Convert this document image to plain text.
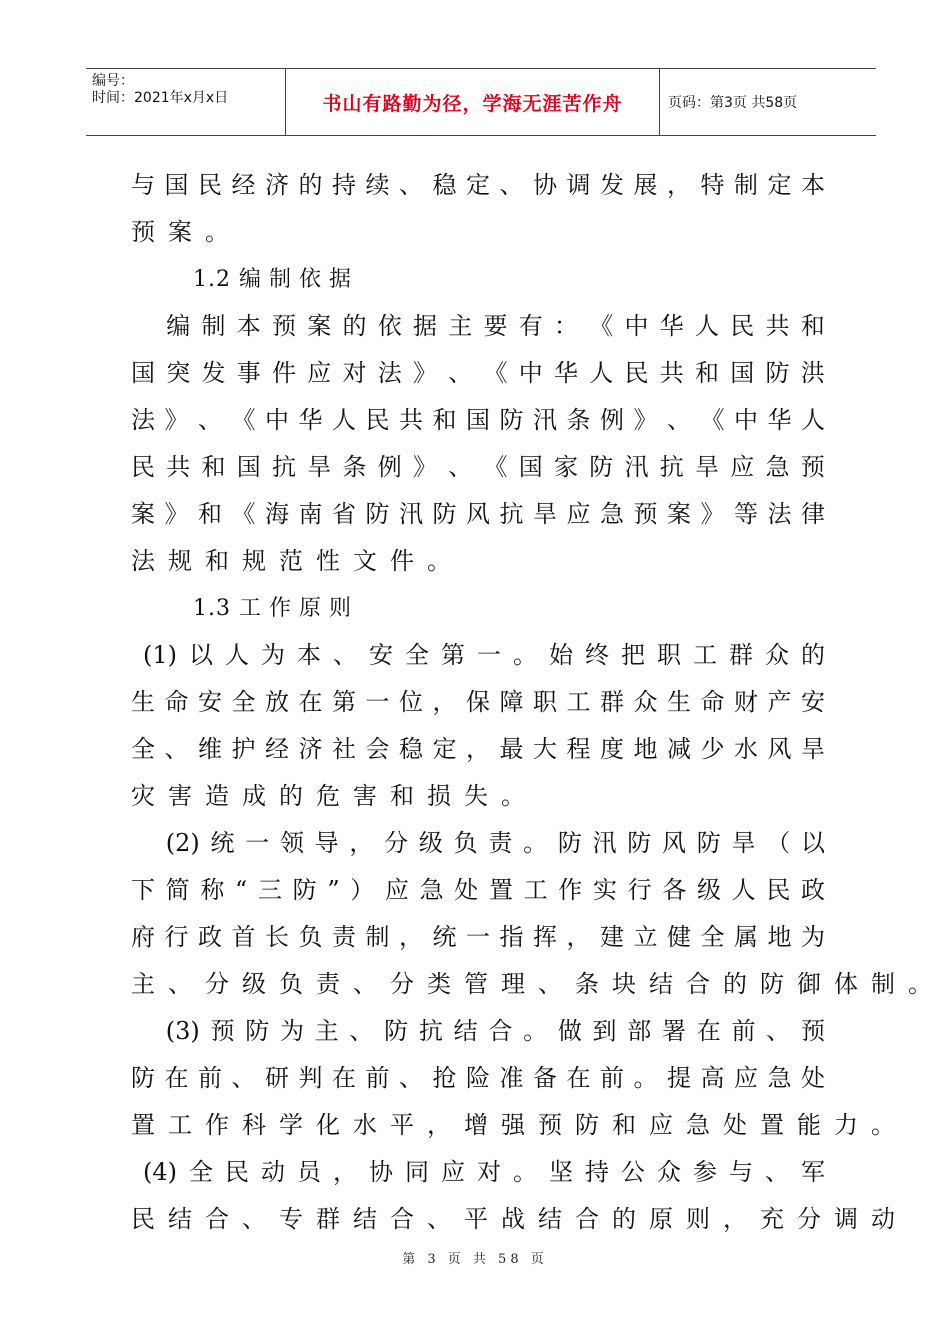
编号：
时间：2021年x月x日	书山有路勤为径，学海无涯苦作舟	页码：第3页 共58页
与 国 民 经 济 的 持 续 、 稳 定 、 协 调 发 展 ， 特 制 定 本
预 案 。
1.2 编制依据

编 制 本 预 案 的 依 据 主 要 有 ： 《 中 华 人 民 共 和
国 突 发 事 件 应 对 法 》 、 《 中 华 人 民 共 和 国 防 洪
法 》 、 《 中 华 人 民 共 和 国 防 汛 条 例 》 、 《 中 华 人
民 共 和 国 抗 旱 条 例 》 、 《 国 家 防 汛 抗 旱 应 急 预
案 》 和 《 海 南 省 防 汛 防 风 抗 旱 应 急 预 案 》 等 法 律
法 规 和 规 范 性 文 件 。
1.3 工作原则
(1) 以 人 为 本 、 安 全 第 一 。 始 终 把 职 工 群 众 的
生 命 安 全 放 在 第 一 位 ， 保 障 职 工 群 众 生 命 财 产 安
全 、 维 护 经 济 社 会 稳 定 ， 最 大 程 度 地 减 少 水 风 旱
灾 害 造 成 的 危 害 和 损 失 。

(2) 统 一 领 导 ， 分 级 负 责 。 防 汛 防 风 防 旱 （ 以
下 简 称 “ 三 防 ” ） 应 急 处 置 工 作 实 行 各 级 人 民 政
府 行 政 首 长 负 责 制 ， 统 一 指 挥 ， 建 立 健 全 属 地 为
主 、 分 级 负 责 、 分 类 管 理 、 条 块 结 合 的 防 御 体 制 。

(3) 预 防 为 主 、 防 抗 结 合 。 做 到 部 署 在 前 、 预
防 在 前 、 研 判 在 前 、 抢 险 准 备 在 前 。 提 高 应 急 处
置 工 作 科 学 化 水 平 ， 增 强 预 防 和 应 急 处 置 能 力 。
(4) 全 民 动 员 ， 协 同 应 对 。 坚 持 公 众 参 与 、 军
民 结 合 、 专 群 结 合 、 平 战 结 合 的 原 则 ， 充 分 调 动
第 3 页 共 58 页
